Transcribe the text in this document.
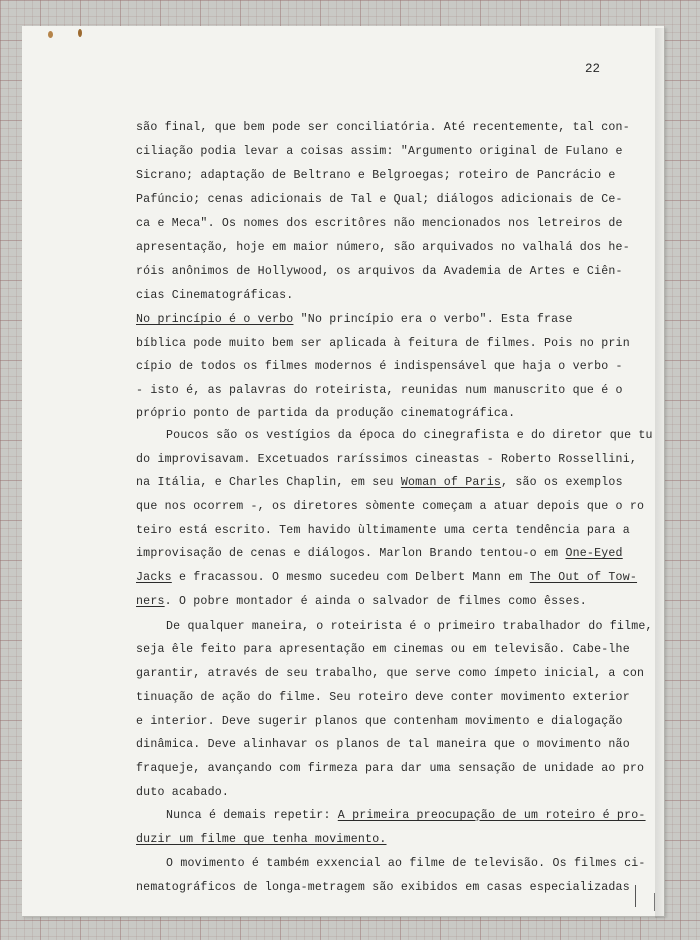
22
são final, que bem pode ser conciliatória. Até recentemente, tal con-
ciliação podia levar a coisas assim: "Argumento original de Fulano e
Sicrano; adaptação de Beltrano e Belgroegas; roteiro de Pancrácio e
Pafúncio; cenas adicionais de Tal e Qual; diálogos adicionais de Ce-
ca e Meca". Os nomes dos escritôres não mencionados nos letreiros de
apresentação, hoje em maior número, são arquivados no valhalá dos he-
róis anônimos de Hollywood, os arquivos da Avademia de Artes e Ciên-
cias Cinematográficas.
No princípio é o verbo "No princípio era o verbo". Esta frase
bíblica pode muito bem ser aplicada à feitura de filmes. Pois no prin
cípio de todos os filmes modernos é indispensável que haja o verbo -
- isto é, as palavras do roteirista, reunidas num manuscrito que é o
próprio ponto de partida da produção cinematográfica.
Poucos são os vestígios da época do cinegrafista e do diretor que tu
do improvisavam. Excetuados raríssimos cineastas - Roberto Rossellini,
na Itália, e Charles Chaplin, em seu Woman of Paris, são os exemplos
que nos ocorrem -, os diretores sòmente começam a atuar depois que o ro
teiro está escrito. Tem havido ùltimamente uma certa tendência para a
improvisação de cenas e diálogos. Marlon Brando tentou-o em One-Eyed
Jacks e fracassou. O mesmo sucedeu com Delbert Mann em The Out of Tow-
ners. O pobre montador é ainda o salvador de filmes como êsses.
De qualquer maneira, o roteirista é o primeiro trabalhador do filme,
seja êle feito para apresentação em cinemas ou em televisão. Cabe-lhe
garantir, através de seu trabalho, que serve como ímpeto inicial, a con
tinuação de ação do filme. Seu roteiro deve conter movimento exterior
e interior. Deve sugerir planos que contenham movimento e dialogação
dinâmica. Deve alinhavar os planos de tal maneira que o movimento não
fraqueje, avançando com firmeza para dar uma sensação de unidade ao pro
duto acabado.
Nunca é demais repetir: A primeira preocupação de um roteiro é pro-
duzir um filme que tenha movimento.
O movimento é também exxencial ao filme de televisão. Os filmes ci-
nematográficos de longa-metragem são exibidos em casas especializadas
